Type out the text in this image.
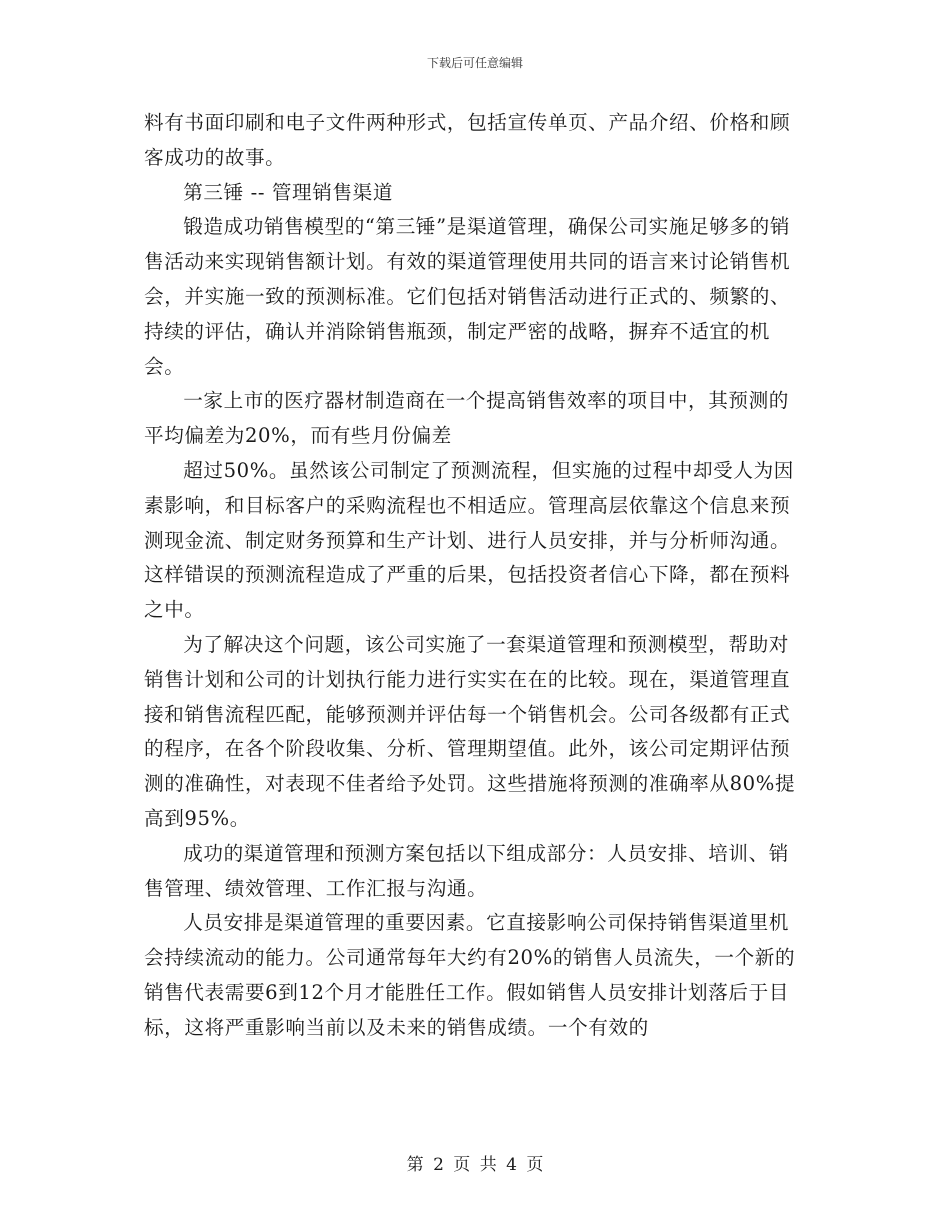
下载后可任意编辑

料有书面印刷和电子文件两种形式，包括宣传单页、产品介绍、价格和顾客成功的故事。

第三锤 -- 管理销售渠道

锻造成功销售模型的“第三锤”是渠道管理，确保公司实施足够多的销售活动来实现销售额计划。有效的渠道管理使用共同的语言来讨论销售机会，并实施一致的预测标准。它们包括对销售活动进行正式的、频繁的、持续的评估，确认并消除销售瓶颈，制定严密的战略，摒弃不适宜的机会。

一家上市的医疗器材制造商在一个提高销售效率的项目中，其预测的平均偏差为20%，而有些月份偏差

超过50%。虽然该公司制定了预测流程，但实施的过程中却受人为因素影响，和目标客户的采购流程也不相适应。管理高层依靠这个信息来预测现金流、制定财务预算和生产计划、进行人员安排，并与分析师沟通。这样错误的预测流程造成了严重的后果，包括投资者信心下降，都在预料之中。

为了解决这个问题，该公司实施了一套渠道管理和预测模型，帮助对销售计划和公司的计划执行能力进行实实在在的比较。现在，渠道管理直接和销售流程匹配，能够预测并评估每一个销售机会。公司各级都有正式的程序，在各个阶段收集、分析、管理期望值。此外，该公司定期评估预测的准确性，对表现不佳者给予处罚。这些措施将预测的准确率从80%提高到95%。

成功的渠道管理和预测方案包括以下组成部分：人员安排、培训、销售管理、绩效管理、工作汇报与沟通。

人员安排是渠道管理的重要因素。它直接影响公司保持销售渠道里机会持续流动的能力。公司通常每年大约有20%的销售人员流失，一个新的销售代表需要6到12个月才能胜任工作。假如销售人员安排计划落后于目标，这将严重影响当前以及未来的销售成绩。一个有效的

第 2 页 共 4 页
